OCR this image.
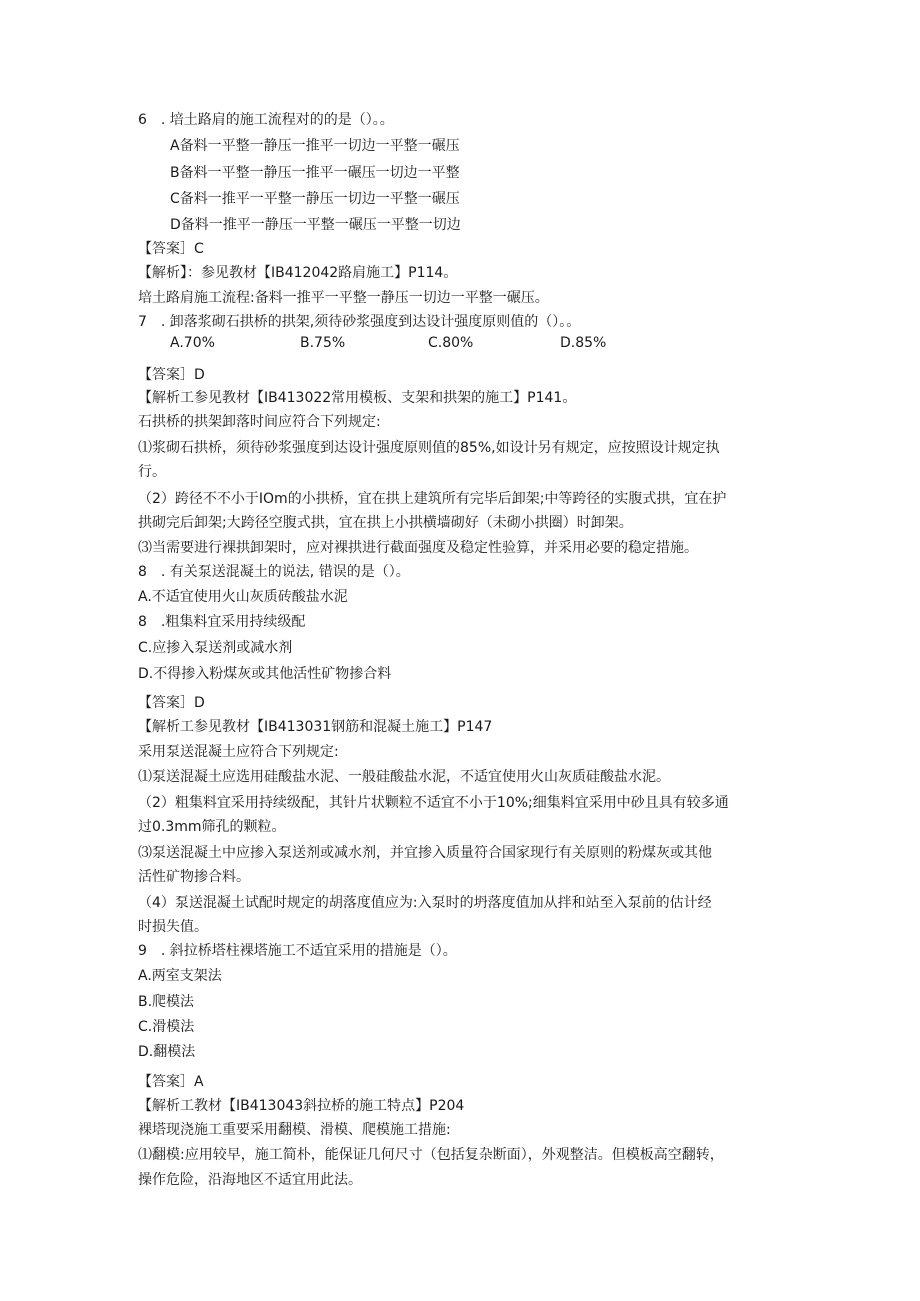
6　. 培土路肩的施工流程对的的是（）。。
A备料一平整一静压一推平一切边一平整一碾压
B备料一平整一静压一推平一碾压一切边一平整
C备料一推平一平整一静压一切边一平整一碾压
D备料一推平一静压一平整一碾压一平整一切边
【答案］C
【解析】：参见教材【IB412042路肩施工】P114。
培土路肩施工流程:备料一推平一平整一静压一切边一平整一碾压。
7　. 卸落浆砌石拱桥的拱架,须待砂浆强度到达设计强度原则值的（）。。
A.70%	B.75%	C.80%	D.85%
【答案］D
【解析工参见教材【IB413022常用模板、支架和拱架的施工】P141。
石拱桥的拱架卸落时间应符合下列规定:
⑴浆砌石拱桥，须待砂浆强度到达设计强度原则值的85%,如设计另有规定，应按照设计规定执
行。
（2）跨径不不小于IOm的小拱桥，宜在拱上建筑所有完毕后卸架;中等跨径的实腹式拱，宜在护
拱砌完后卸架;大跨径空腹式拱，宜在拱上小拱横墙砌好（未砌小拱圈）时卸架。
⑶当需要进行裸拱卸架时，应对裸拱进行截面强度及稳定性验算，并采用必要的稳定措施。
8　. 有关泵送混凝土的说法, 错误的是（）。
A.不适宜使用火山灰质砖酸盐水泥
8　.粗集料宜采用持续级配
C.应掺入泵送剂或减水剂
D.不得掺入粉煤灰或其他活性矿物掺合料
【答案］D
【解析工参见教材【IB413031钢筋和混凝土施工】P147
采用泵送混凝土应符合下列规定:
⑴泵送混凝土应选用硅酸盐水泥、一般硅酸盐水泥，不适宜使用火山灰质硅酸盐水泥。
（2）粗集料宜采用持续级配，其针片状颗粒不适宜不小于10%;细集料宜采用中砂且具有较多通
过0.3mm筛孔的颗粒。
⑶泵送混凝土中应掺入泵送剂或减水剂，并宜掺入质量符合国家现行有关原则的粉煤灰或其他
活性矿物掺合料。
（4）泵送混凝土试配时规定的胡落度值应为:入泵时的坍落度值加从拌和站至入泵前的估计经
时损失值。
9　. 斜拉桥塔柱裸塔施工不适宜采用的措施是（）。
A.两室支架法
B.爬模法
C.滑模法
D.翻模法
【答案］A
【解析工教材【IB413043斜拉桥的施工特点】P204
裸塔现浇施工重要采用翻模、滑模、爬模施工措施:
⑴翻模:应用较早，施工简朴，能保证几何尺寸（包括复杂断面），外观整洁。但模板高空翻转，
操作危险，沿海地区不适宜用此法。
